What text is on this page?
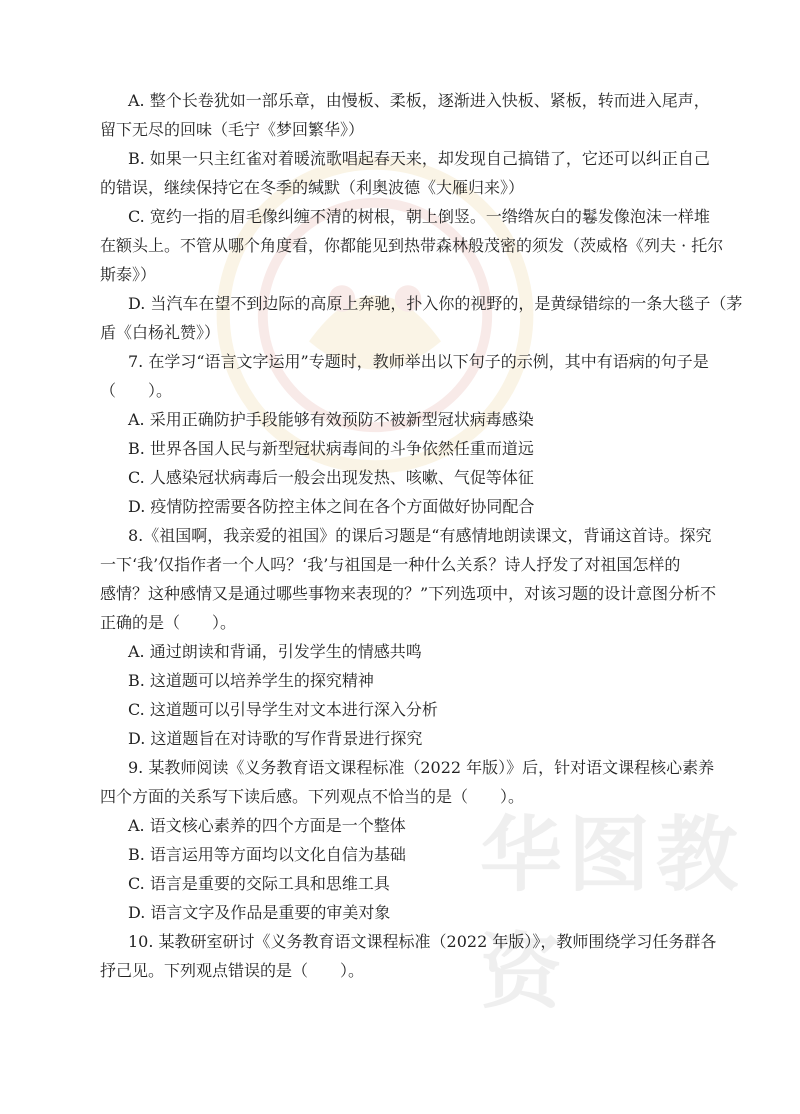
华图教资
A. 整个长卷犹如一部乐章，由慢板、柔板，逐渐进入快板、紧板，转而进入尾声，
留下无尽的回味（毛宁《梦回繁华》）
B. 如果一只主红雀对着暖流歌唱起春天来，却发现自己搞错了，它还可以纠正自己
的错误，继续保持它在冬季的缄默（利奥波德《大雁归来》）
C. 宽约一指的眉毛像纠缠不清的树根，朝上倒竖。一绺绺灰白的鬈发像泡沫一样堆
在额头上。不管从哪个角度看，你都能见到热带森林般茂密的须发（茨威格《列夫 · 托尔
斯泰》）
D. 当汽车在望不到边际的高原上奔驰，扑入你的视野的，是黄绿错综的一条大毯子（茅
盾《白杨礼赞》）
7. 在学习“语言文字运用”专题时，教师举出以下句子的示例，其中有语病的句子是
（　　）。
A. 采用正确防护手段能够有效预防不被新型冠状病毒感染
B. 世界各国人民与新型冠状病毒间的斗争依然任重而道远
C. 人感染冠状病毒后一般会出现发热、咳嗽、气促等体征
D. 疫情防控需要各防控主体之间在各个方面做好协同配合
8.《祖国啊，我亲爱的祖国》的课后习题是“有感情地朗读课文，背诵这首诗。探究
一下‘我’仅指作者一个人吗？‘我’与祖国是一种什么关系？诗人抒发了对祖国怎样的
感情？这种感情又是通过哪些事物来表现的？”下列选项中，对该习题的设计意图分析不
正确的是（　　）。
A. 通过朗读和背诵，引发学生的情感共鸣
B. 这道题可以培养学生的探究精神
C. 这道题可以引导学生对文本进行深入分析
D. 这道题旨在对诗歌的写作背景进行探究
9. 某教师阅读《义务教育语文课程标准（2022 年版）》后，针对语文课程核心素养
四个方面的关系写下读后感。下列观点不恰当的是（　　）。
A. 语文核心素养的四个方面是一个整体
B. 语言运用等方面均以文化自信为基础
C. 语言是重要的交际工具和思维工具
D. 语言文字及作品是重要的审美对象
10. 某教研室研讨《义务教育语文课程标准（2022 年版）》，教师围绕学习任务群各
抒己见。下列观点错误的是（　　）。
